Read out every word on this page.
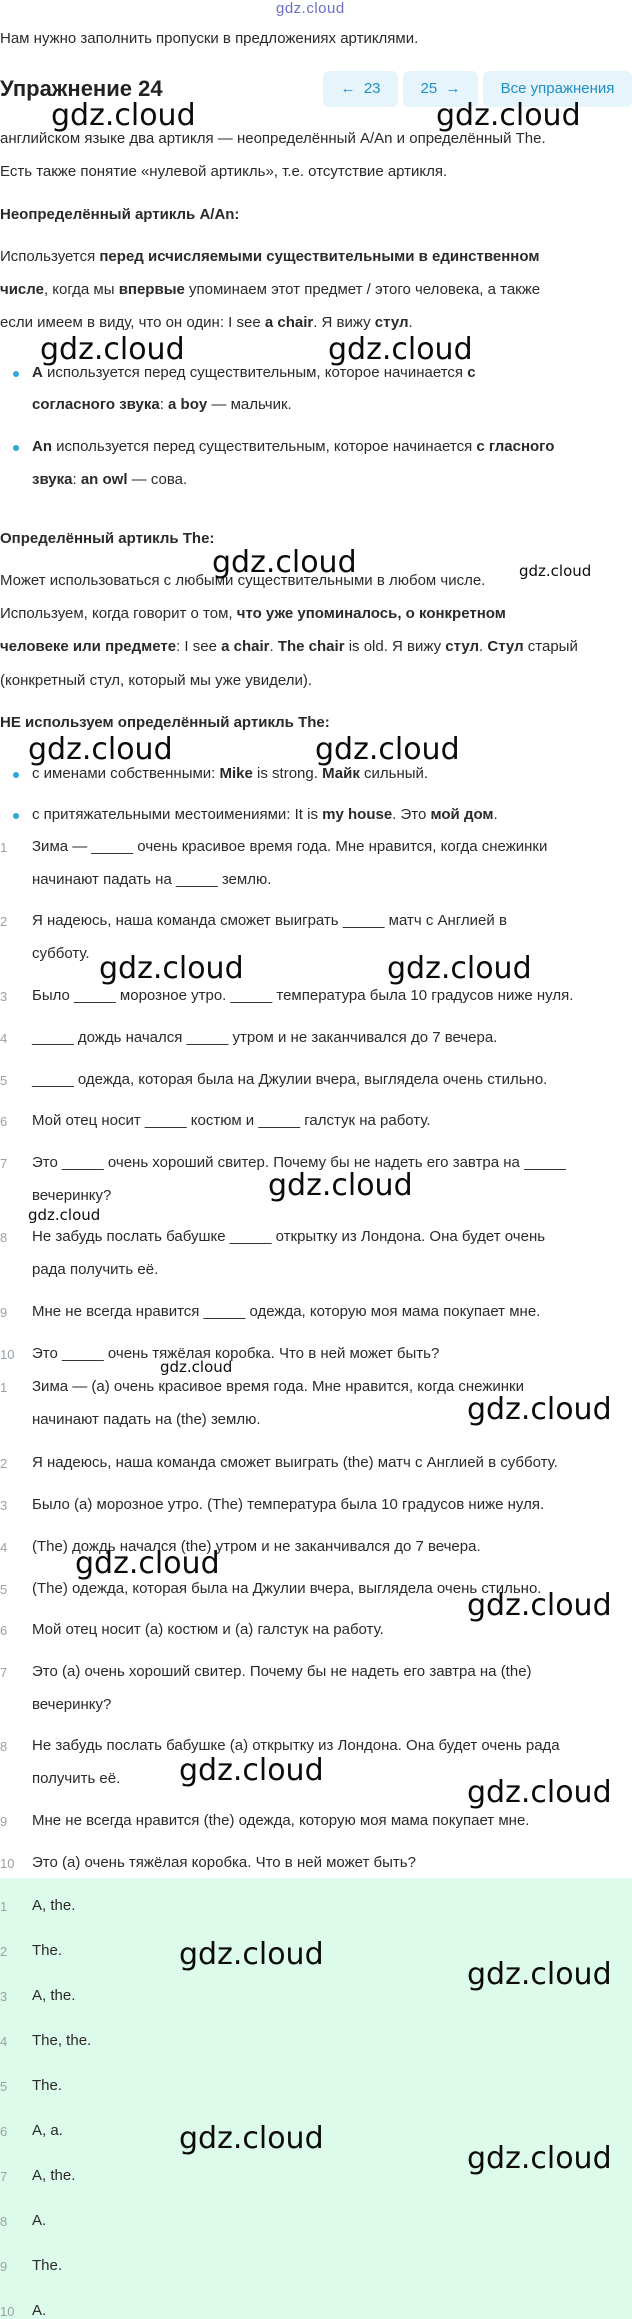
gdz.cloud
Нам нужно заполнить пропуски в предложениях артиклями.
Упражнение 24	← 23	25 →	Все упражнения
английском языке два артикля — неопределённый A/An и определённый The.
Есть также понятие «нулевой артикль», т.е. отсутствие артикля.
Неопределённый артикль A/An:
Используется перед исчисляемыми существительными в единственном
числе, когда мы впервые упоминаем этот предмет / этого человека, а также
если имеем в виду, что он один: I see a chair. Я вижу стул.
A используется перед существительным, которое начинается с
согласного звука: a boy — мальчик.
An используется перед существительным, которое начинается с гласного
звука: an owl — сова.
Определённый артикль The:
Может использоваться с любыми существительными в любом числе.
Используем, когда говорит о том, что уже упоминалось, о конкретном
человеке или предмете: I see a chair. The chair is old. Я вижу стул. Стул старый
(конкретный стул, который мы уже увидели).
НЕ используем определённый артикль The:
с именами собственными: Mike is strong. Майк сильный.
с притяжательными местоимениями: It is my house. Это мой дом.
1	Зима — _____ очень красивое время года. Мне нравится, когда снежинки
начинают падать на _____ землю.
2	Я надеюсь, наша команда сможет выиграть _____ матч с Англией в
субботу.
3	Было _____ морозное утро. _____ температура была 10 градусов ниже нуля.
4	_____ дождь начался _____ утром и не заканчивался до 7 вечера.
5	_____ одежда, которая была на Джулии вчера, выглядела очень стильно.
6	Мой отец носит _____ костюм и _____ галстук на работу.
7	Это _____ очень хороший свитер. Почему бы не надеть его завтра на _____
вечеринку?
8	Не забудь послать бабушке _____ открытку из Лондона. Она будет очень
рада получить её.
9	Мне не всегда нравится _____ одежда, которую моя мама покупает мне.
10	Это _____ очень тяжёлая коробка. Что в ней может быть?
1	Зима — (a) очень красивое время года. Мне нравится, когда снежинки
начинают падать на (the) землю.
2	Я надеюсь, наша команда сможет выиграть (the) матч с Англией в субботу.
3	Было (a) морозное утро. (The) температура была 10 градусов ниже нуля.
4	(The) дождь начался (the) утром и не заканчивался до 7 вечера.
5	(The) одежда, которая была на Джулии вчера, выглядела очень стильно.
6	Мой отец носит (a) костюм и (a) галстук на работу.
7	Это (a) очень хороший свитер. Почему бы не надеть его завтра на (the)
вечеринку?
8	Не забудь послать бабушке (a) открытку из Лондона. Она будет очень рада
получить её.
9	Мне не всегда нравится (the) одежда, которую моя мама покупает мне.
10	Это (a) очень тяжёлая коробка. Что в ней может быть?
1	A, the.
2	The.
3	A, the.
4	The, the.
5	The.
6	A, a.
7	A, the.
8	A.
9	The.
10	A.
gdz.cloud	gdz.cloud
gdz.cloud	gdz.cloud
gdz.cloud	gdz.cloud
gdz.cloud	gdz.cloud
gdz.cloud	gdz.cloud
gdz.cloud
gdz.cloud
gdz.cloud
gdz.cloud
gdz.cloud
gdz.cloud
gdz.cloud
gdz.cloud
gdz.cloud
gdz.cloud
gdz.cloud
gdz.cloud
